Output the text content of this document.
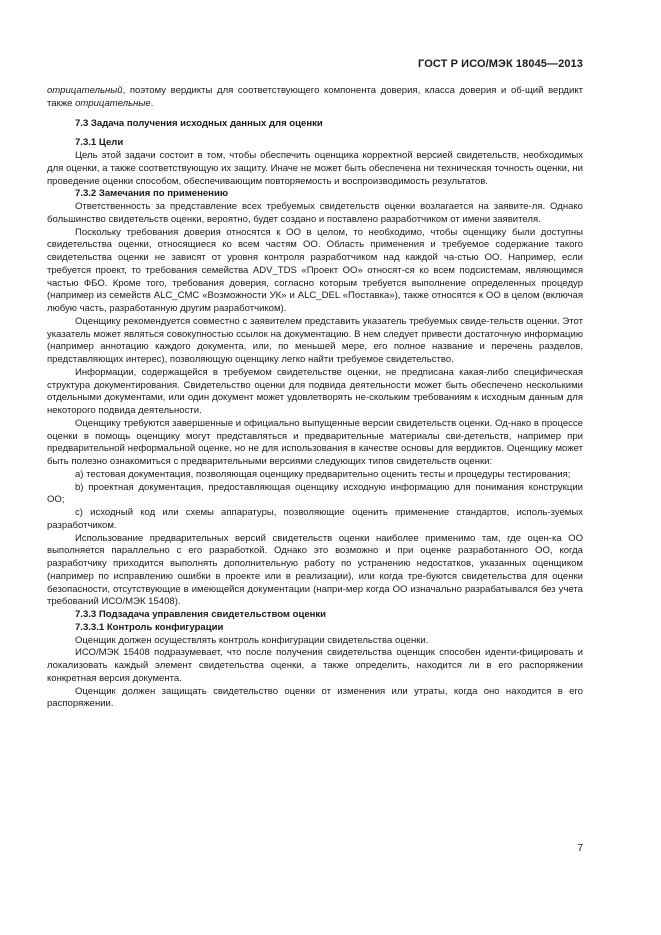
ГОСТ Р ИСО/МЭК 18045—2013

отрицательный, поэтому вердикты для соответствующего компонента доверия, класса доверия и об-щий вердикт также отрицательные.

7.3 Задача получения исходных данных для оценки

7.3.1 Цели

Цель этой задачи состоит в том, чтобы обеспечить оценщика корректной версией свидетельств, необходимых для оценки, а также соответствующую их защиту. Иначе не может быть обеспечена ни техническая точность оценки, ни проведение оценки способом, обеспечивающим повторяемость и воспроизводимость результатов.

7.3.2 Замечания по применению

Ответственность за представление всех требуемых свидетельств оценки возлагается на заявите-ля. Однако большинство свидетельств оценки, вероятно, будет создано и поставлено разработчиком от имени заявителя.

Поскольку требования доверия относятся к ОО в целом, то необходимо, чтобы оценщику были доступны свидетельства оценки, относящиеся ко всем частям ОО. Область применения и требуемое содержание такого свидетельства оценки не зависят от уровня контроля разработчиком над каждой ча-стью ОО. Например, если требуется проект, то требования семейства ADV_TDS «Проект ОО» относят-ся ко всем подсистемам, являющимся частью ФБО. Кроме того, требования доверия, согласно которым требуется выполнение определенных процедур (например из семейств ALC_CMC «Возможности УК» и ALC_DEL «Поставка»), также относятся к ОО в целом (включая любую часть, разработанную другим разработчиком).

Оценщику рекомендуется совместно с заявителем представить указатель требуемых свиде-тельств оценки. Этот указатель может являться совокупностью ссылок на документацию. В нем следует привести достаточную информацию (например аннотацию каждого документа, или, по меньшей мере, его полное название и перечень разделов, представляющих интерес), позволяющую оценщику легко найти требуемое свидетельство.

Информации, содержащейся в требуемом свидетельстве оценки, не предписана какая-либо специфическая структура документирования. Свидетельство оценки для подвида деятельности может быть обеспечено несколькими отдельными документами, или один документ может удовлетворять не-скольким требованиям к исходным данным для некоторого подвида деятельности.

Оценщику требуются завершенные и официально выпущенные версии свидетельств оценки. Од-нако в процессе оценки в помощь оценщику могут представляться и предварительные материалы сви-детельств, например при предварительной неформальной оценке, но не для использования в качестве основы для вердиктов. Оценщику может быть полезно ознакомиться с предварительными версиями следующих типов свидетельств оценки:

а) тестовая документация, позволяющая оценщику предварительно оценить тесты и процедуры тестирования;

b) проектная документация, предоставляющая оценщику исходную информацию для понимания конструкции ОО;

с) исходный код или схемы аппаратуры, позволяющие оценить применение стандартов, исполь-зуемых разработчиком.

Использование предварительных версий свидетельств оценки наиболее применимо там, где оцен-ка ОО выполняется параллельно с его разработкой. Однако это возможно и при оценке разработанного ОО, когда разработчику приходится выполнять дополнительную работу по устранению недостатков, указанных оценщиком (например по исправлению ошибки в проекте или в реализации), или когда тре-буются свидетельства для оценки безопасности, отсутствующие в имеющейся документации (напри-мер когда ОО изначально разрабатывался без учета требований ИСО/МЭК 15408).

7.3.3 Подзадача управления свидетельством оценки

7.3.3.1 Контроль конфигурации

Оценщик должен осуществлять контроль конфигурации свидетельства оценки.

ИСО/МЭК 15408 подразумевает, что после получения свидетельства оценщик способен иденти-фицировать и локализовать каждый элемент свидетельства оценки, а также определить, находится ли в его распоряжении конкретная версия документа.

Оценщик должен защищать свидетельство оценки от изменения или утраты, когда оно находится в его распоряжении.

7
